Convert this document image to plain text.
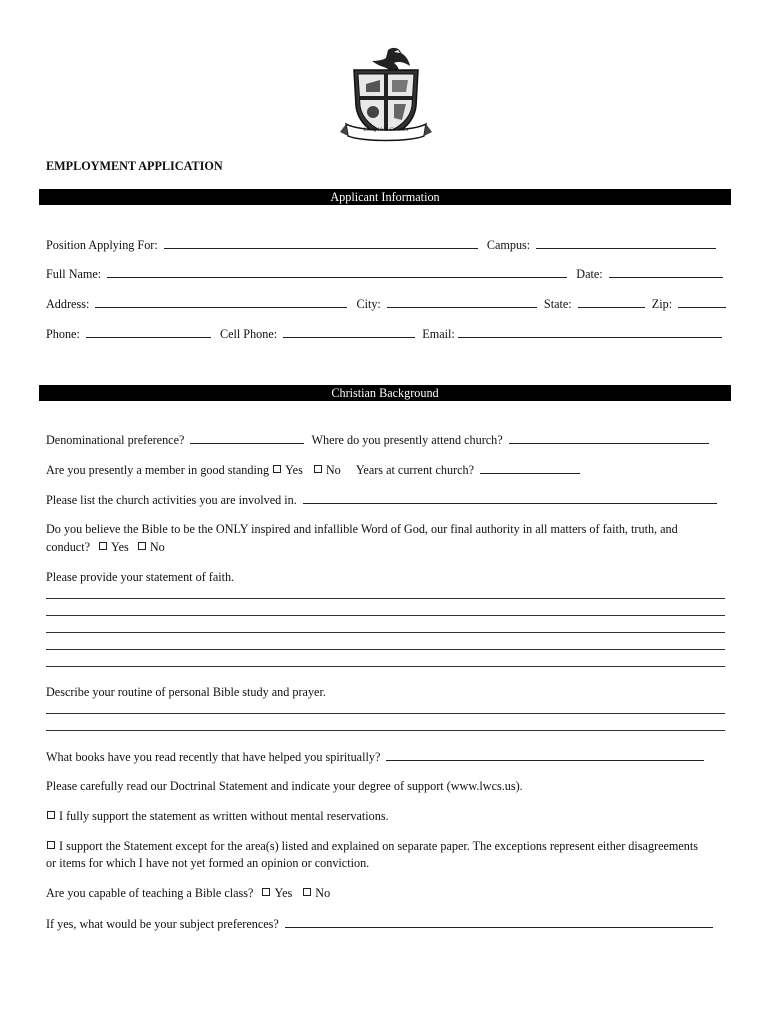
Living Word Christian
EMPLOYMENT APPLICATION
Applicant Information
Position Applying For:	Campus:
Full Name:	Date:
Address:	City:	State:	Zip:
Phone:	Cell Phone:	Email:
Christian Background
Denominational preference?	Where do you presently attend church?
Are you presently a member in good standing Yes No Years at current church?
Please list the church activities you are involved in.
Do you believe the Bible to be the ONLY inspired and infallible Word of God, our final authority in all matters of faith, truth, and
conduct? Yes No
Please provide your statement of faith.
Describe your routine of personal Bible study and prayer.
What books have you read recently that have helped you spiritually?
Please carefully read our Doctrinal Statement and indicate your degree of support (www.lwcs.us).
I fully support the statement as written without mental reservations.
I support the Statement except for the area(s) listed and explained on separate paper. The exceptions represent either disagreements
or items for which I have not yet formed an opinion or conviction.
Are you capable of teaching a Bible class? Yes No
If yes, what would be your subject preferences?
